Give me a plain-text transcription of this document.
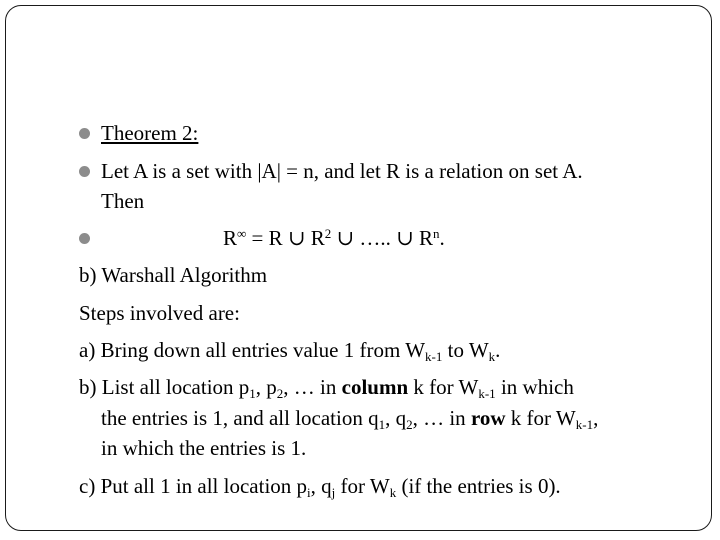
Theorem 2:
Let A is a set with |A| = n, and let R is a relation on set A.
Then
R∞ = R ∪ $R^2$ ∪ ….. ∪ $R^n$.
b) Warshall Algorithm
Steps involved are:
a) Bring down all entries value 1 from $W_{k-1}$ to $W_k$.
b) List all location $p_1$, $p_2$, … in column k for $W_{k-1}$ in which
the entries is 1, and all location $q_1$, $q_2$, … in row k for $W_{k-1}$,
in which the entries is 1.
c) Put all 1 in all location $p_i$, $q_j$ for $W_k$ (if the entries is 0).
